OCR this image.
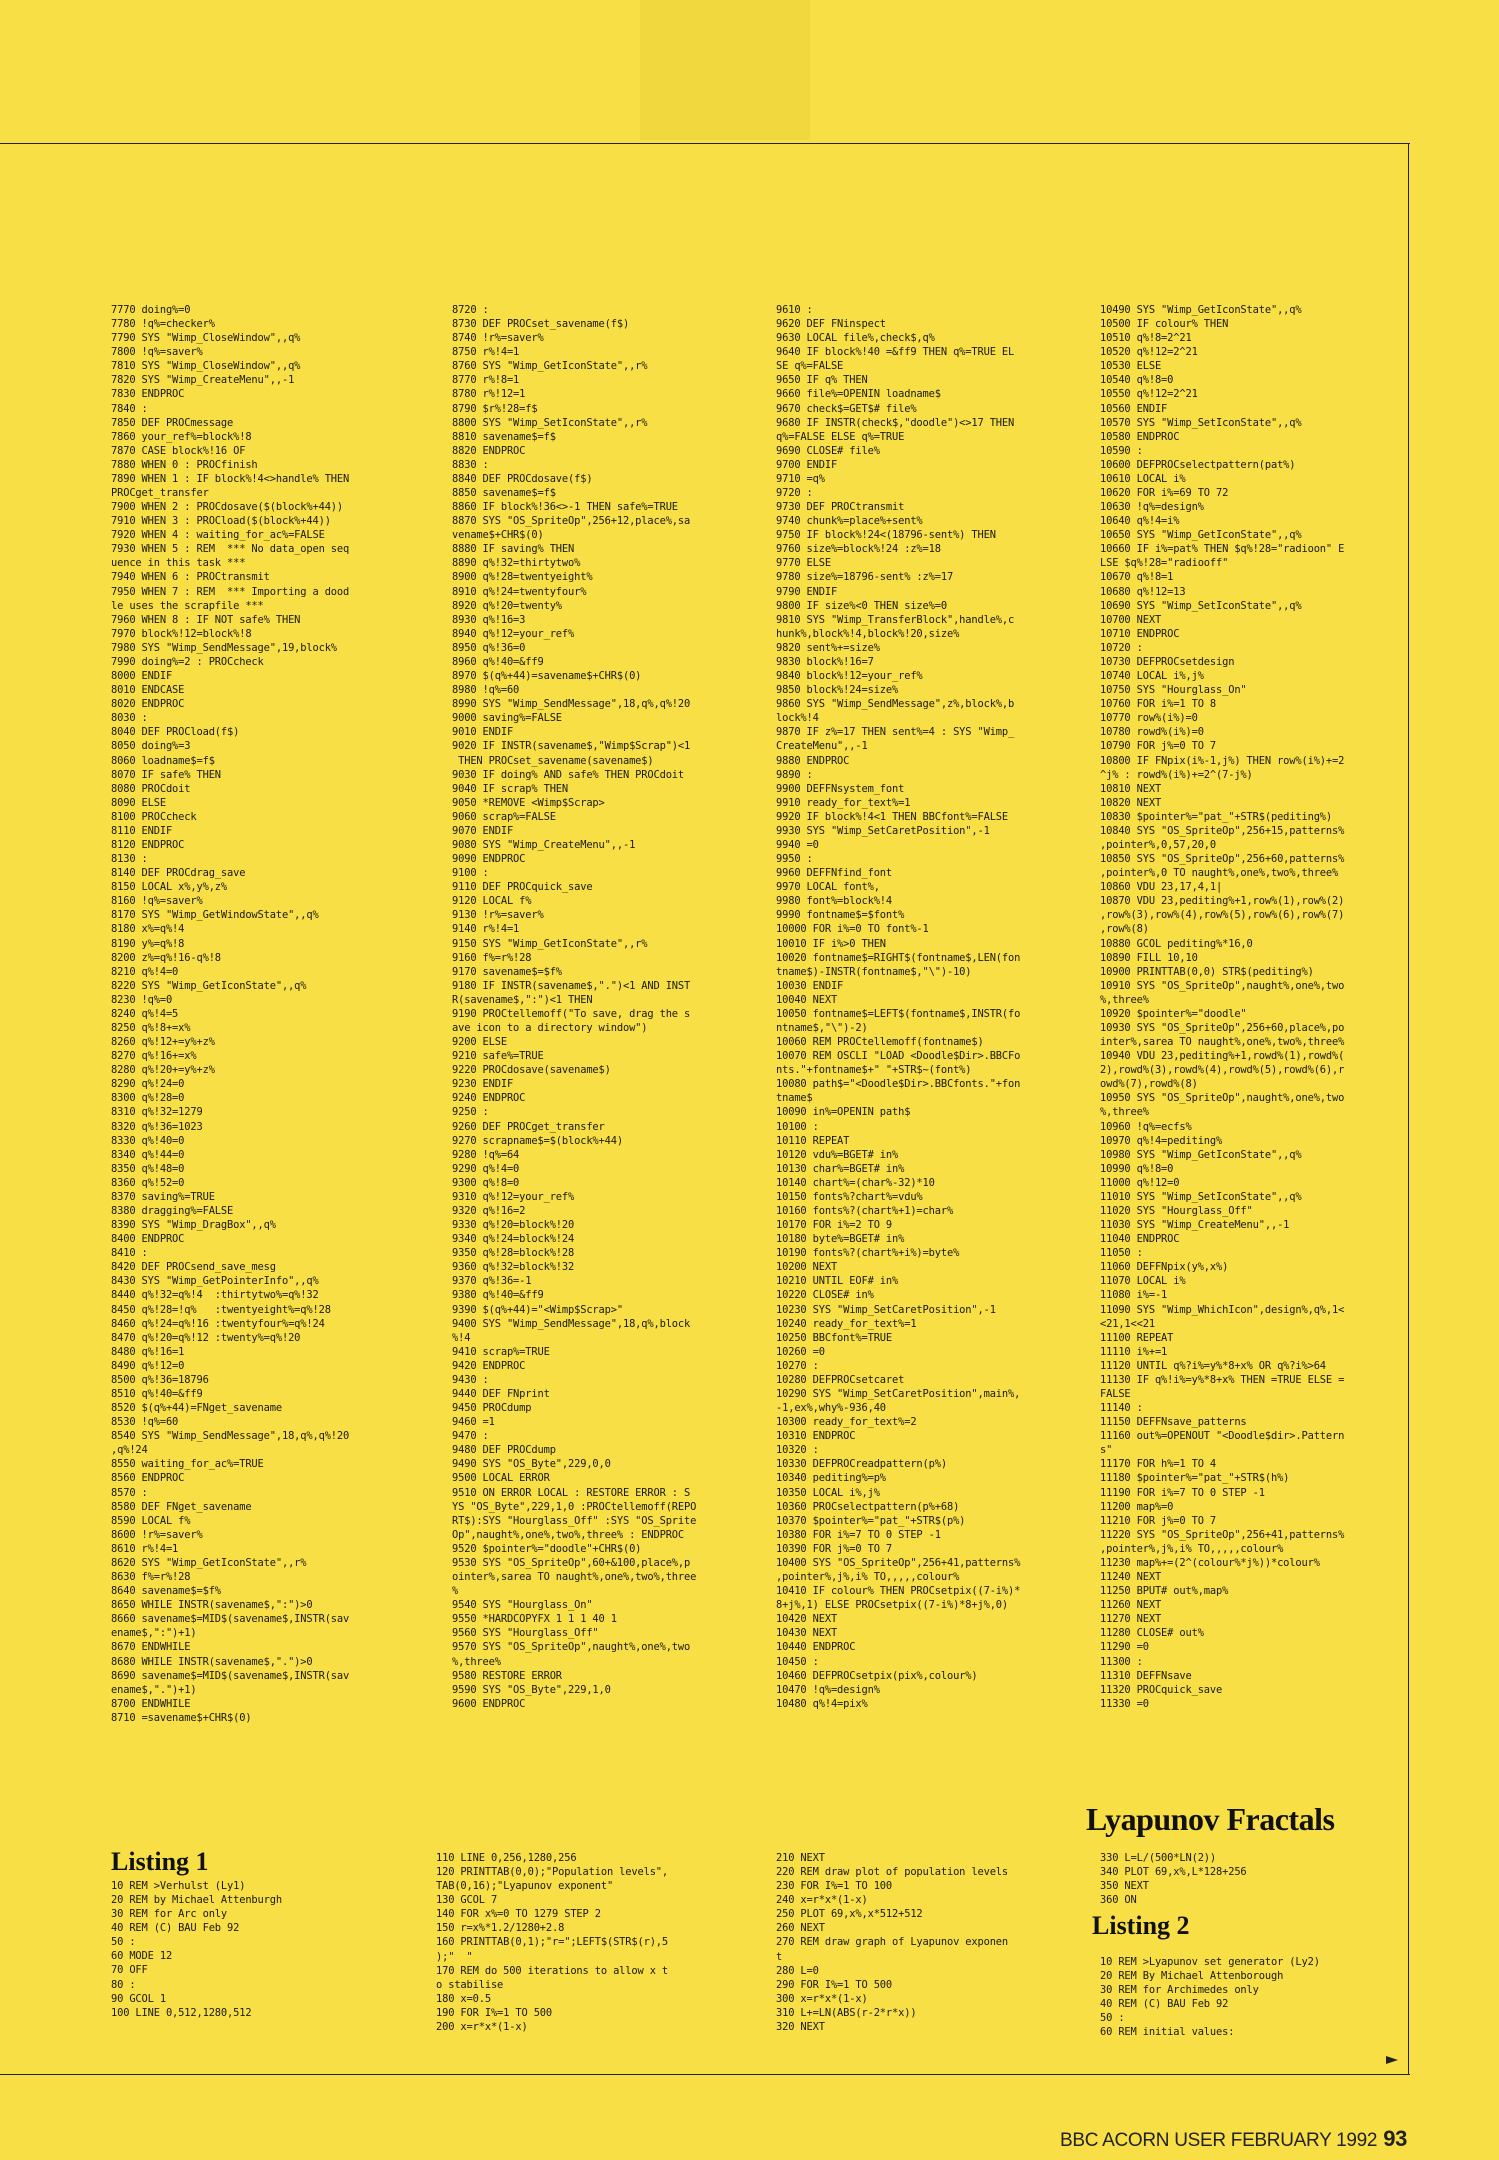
7770 doing%=0
7780 !q%=checker%
7790 SYS "Wimp_CloseWindow",,q%
7800 !q%=saver%
7810 SYS "Wimp_CloseWindow",,q%
7820 SYS "Wimp_CreateMenu",,-1
7830 ENDPROC
7840 :
7850 DEF PROCmessage
7860 your_ref%=block%!8
7870 CASE block%!16 OF
7880 WHEN 0 : PROCfinish
7890 WHEN 1 : IF block%!4<>handle% THEN
PROCget_transfer
7900 WHEN 2 : PROCdosave($(block%+44))
7910 WHEN 3 : PROCload($(block%+44))
7920 WHEN 4 : waiting_for_ac%=FALSE
7930 WHEN 5 : REM  *** No data_open seq
uence in this task ***
7940 WHEN 6 : PROCtransmit
7950 WHEN 7 : REM  *** Importing a dood
le uses the scrapfile ***
7960 WHEN 8 : IF NOT safe% THEN
7970 block%!12=block%!8
7980 SYS "Wimp_SendMessage",19,block%
7990 doing%=2 : PROCcheck
8000 ENDIF
8010 ENDCASE
8020 ENDPROC
8030 :
8040 DEF PROCload(f$)
8050 doing%=3
8060 loadname$=f$
8070 IF safe% THEN
8080 PROCdoit
8090 ELSE
8100 PROCcheck
8110 ENDIF
8120 ENDPROC
8130 :
8140 DEF PROCdrag_save
8150 LOCAL x%,y%,z%
8160 !q%=saver%
8170 SYS "Wimp_GetWindowState",,q%
8180 x%=q%!4
8190 y%=q%!8
8200 z%=q%!16-q%!8
8210 q%!4=0
8220 SYS "Wimp_GetIconState",,q%
8230 !q%=0
8240 q%!4=5
8250 q%!8+=x%
8260 q%!12+=y%+z%
8270 q%!16+=x%
8280 q%!20+=y%+z%
8290 q%!24=0
8300 q%!28=0
8310 q%!32=1279
8320 q%!36=1023
8330 q%!40=0
8340 q%!44=0
8350 q%!48=0
8360 q%!52=0
8370 saving%=TRUE
8380 dragging%=FALSE
8390 SYS "Wimp_DragBox",,q%
8400 ENDPROC
8410 :
8420 DEF PROCsend_save_mesg
8430 SYS "Wimp_GetPointerInfo",,q%
8440 q%!32=q%!4  :thirtytwo%=q%!32
8450 q%!28=!q%   :twentyeight%=q%!28
8460 q%!24=q%!16 :twentyfour%=q%!24
8470 q%!20=q%!12 :twenty%=q%!20
8480 q%!16=1
8490 q%!12=0
8500 q%!36=18796
8510 q%!40=&ff9
8520 $(q%+44)=FNget_savename
8530 !q%=60
8540 SYS "Wimp_SendMessage",18,q%,q%!20
,q%!24
8550 waiting_for_ac%=TRUE
8560 ENDPROC
8570 :
8580 DEF FNget_savename
8590 LOCAL f%
8600 !r%=saver%
8610 r%!4=1
8620 SYS "Wimp_GetIconState",,r%
8630 f%=r%!28
8640 savename$=$f%
8650 WHILE INSTR(savename$,":")>0
8660 savename$=MID$(savename$,INSTR(sav
ename$,":")+1)
8670 ENDWHILE
8680 WHILE INSTR(savename$,".")>0
8690 savename$=MID$(savename$,INSTR(sav
ename$,".")+1)
8700 ENDWHILE
8710 =savename$+CHR$(0)
8720 :
8730 DEF PROCset_savename(f$)
8740 !r%=saver%
8750 r%!4=1
8760 SYS "Wimp_GetIconState",,r%
8770 r%!8=1
8780 r%!12=1
8790 $r%!28=f$
8800 SYS "Wimp_SetIconState",,r%
8810 savename$=f$
8820 ENDPROC
8830 :
8840 DEF PROCdosave(f$)
8850 savename$=f$
8860 IF block%!36<>-1 THEN safe%=TRUE
8870 SYS "OS_SpriteOp",256+12,place%,sa
vename$+CHR$(0)
8880 IF saving% THEN
8890 q%!32=thirtytwo%
8900 q%!28=twentyeight%
8910 q%!24=twentyfour%
8920 q%!20=twenty%
8930 q%!16=3
8940 q%!12=your_ref%
8950 q%!36=0
8960 q%!40=&ff9
8970 $(q%+44)=savename$+CHR$(0)
8980 !q%=60
8990 SYS "Wimp_SendMessage",18,q%,q%!20
9000 saving%=FALSE
9010 ENDIF
9020 IF INSTR(savename$,"Wimp$Scrap")<1
THEN PROCset_savename(savename$)
9030 IF doing% AND safe% THEN PROCdoit
9040 IF scrap% THEN
9050 *REMOVE <Wimp$Scrap>
9060 scrap%=FALSE
9070 ENDIF
9080 SYS "Wimp_CreateMenu",,-1
9090 ENDPROC
9100 :
9110 DEF PROCquick_save
9120 LOCAL f%
9130 !r%=saver%
9140 r%!4=1
9150 SYS "Wimp_GetIconState",,r%
9160 f%=r%!28
9170 savename$=$f%
9180 IF INSTR(savename$,".")<1 AND INST
R(savename$,":")<1 THEN
9190 PROCtellemoff("To save, drag the s
ave icon to a directory window")
9200 ELSE
9210 safe%=TRUE
9220 PROCdosave(savename$)
9230 ENDIF
9240 ENDPROC
9250 :
9260 DEF PROCget_transfer
9270 scrapname$=$(block%+44)
9280 !q%=64
9290 q%!4=0
9300 q%!8=0
9310 q%!12=your_ref%
9320 q%!16=2
9330 q%!20=block%!20
9340 q%!24=block%!24
9350 q%!28=block%!28
9360 q%!32=block%!32
9370 q%!36=-1
9380 q%!40=&ff9
9390 $(q%+44)="<Wimp$Scrap>"
9400 SYS "Wimp_SendMessage",18,q%,block
%!4
9410 scrap%=TRUE
9420 ENDPROC
9430 :
9440 DEF FNprint
9450 PROCdump
9460 =1
9470 :
9480 DEF PROCdump
9490 SYS "OS_Byte",229,0,0
9500 LOCAL ERROR
9510 ON ERROR LOCAL : RESTORE ERROR : S
YS "OS_Byte",229,1,0 :PROCtellemoff(REPO
RT$):SYS "Hourglass_Off" :SYS "OS_Sprite
Op",naught%,one%,two%,three% : ENDPROC
9520 $pointer%="doodle"+CHR$(0)
9530 SYS "OS_SpriteOp",60+&100,place%,p
ointer%,sarea TO naught%,one%,two%,three
%
9540 SYS "Hourglass_On"
9550 *HARDCOPYFX 1 1 1 40 1
9560 SYS "Hourglass_Off"
9570 SYS "OS_SpriteOp",naught%,one%,two
%,three%
9580 RESTORE ERROR
9590 SYS "OS_Byte",229,1,0
9600 ENDPROC
9610 :
9620 DEF FNinspect
9630 LOCAL file%,check$,q%
9640 IF block%!40 =&ff9 THEN q%=TRUE EL
SE q%=FALSE
9650 IF q% THEN
9660 file%=OPENIN loadname$
9670 check$=GET$# file%
9680 IF INSTR(check$,"doodle")<>17 THEN
q%=FALSE ELSE q%=TRUE
9690 CLOSE# file%
9700 ENDIF
9710 =q%
9720 :
9730 DEF PROCtransmit
9740 chunk%=place%+sent%
9750 IF block%!24<(18796-sent%) THEN
9760 size%=block%!24 :z%=18
9770 ELSE
9780 size%=18796-sent% :z%=17
9790 ENDIF
9800 IF size%<0 THEN size%=0
9810 SYS "Wimp_TransferBlock",handle%,c
hunk%,block%!4,block%!20,size%
9820 sent%+=size%
9830 block%!16=7
9840 block%!12=your_ref%
9850 block%!24=size%
9860 SYS "Wimp_SendMessage",z%,block%,b
lock%!4
9870 IF z%=17 THEN sent%=4 : SYS "Wimp_
CreateMenu",,-1
9880 ENDPROC
9890 :
9900 DEFFNsystem_font
9910 ready_for_text%=1
9920 IF block%!4<1 THEN BBCfont%=FALSE
9930 SYS "Wimp_SetCaretPosition",-1
9940 =0
9950 :
9960 DEFFNfind_font
9970 LOCAL font%,
9980 font%=block%!4
9990 fontname$=$font%
10000 FOR i%=0 TO font%-1
10010 IF i%>0 THEN
10020 fontname$=RIGHT$(fontname$,LEN(fon
tname$)-INSTR(fontname$,"\")-10)
10030 ENDIF
10040 NEXT
10050 fontname$=LEFT$(fontname$,INSTR(fo
ntname$,"\")-2)
10060 REM PROCtellemoff(fontname$)
10070 REM OSCLI "LOAD <Doodle$Dir>.BBCFo
nts."+fontname$+" "+STR$~(font%)
10080 path$="<Doodle$Dir>.BBCfonts."+fon
tname$
10090 in%=OPENIN path$
10100 :
10110 REPEAT
10120 vdu%=BGET# in%
10130 char%=BGET# in%
10140 chart%=(char%-32)*10
10150 fonts%?chart%=vdu%
10160 fonts%?(chart%+1)=char%
10170 FOR i%=2 TO 9
10180 byte%=BGET# in%
10190 fonts%?(chart%+i%)=byte%
10200 NEXT
10210 UNTIL EOF# in%
10220 CLOSE# in%
10230 SYS "Wimp_SetCaretPosition",-1
10240 ready_for_text%=1
10250 BBCfont%=TRUE
10260 =0
10270 :
10280 DEFPROCsetcaret
10290 SYS "Wimp_SetCaretPosition",main%,
-1,ex%,why%-936,40
10300 ready_for_text%=2
10310 ENDPROC
10320 :
10330 DEFPROCreadpattern(p%)
10340 pediting%=p%
10350 LOCAL i%,j%
10360 PROCselectpattern(p%+68)
10370 $pointer%="pat_"+STR$(p%)
10380 FOR i%=7 TO 0 STEP -1
10390 FOR j%=0 TO 7
10400 SYS "OS_SpriteOp",256+41,patterns%
,pointer%,j%,i% TO,,,,,colour%
10410 IF colour% THEN PROCsetpix((7-i%)*
8+j%,1) ELSE PROCsetpix((7-i%)*8+j%,0)
10420 NEXT
10430 NEXT
10440 ENDPROC
10450 :
10460 DEFPROCsetpix(pix%,colour%)
10470 !q%=design%
10480 q%!4=pix%
10490 SYS "Wimp_GetIconState",,q%
10500 IF colour% THEN
10510 q%!8=2^21
10520 q%!12=2^21
10530 ELSE
10540 q%!8=0
10550 q%!12=2^21
10560 ENDIF
10570 SYS "Wimp_SetIconState",,q%
10580 ENDPROC
10590 :
10600 DEFPROCselectpattern(pat%)
10610 LOCAL i%
10620 FOR i%=69 TO 72
10630 !q%=design%
10640 q%!4=i%
10650 SYS "Wimp_GetIconState",,q%
10660 IF i%=pat% THEN $q%!28="radioon" E
LSE $q%!28="radiooff"
10670 q%!8=1
10680 q%!12=13
10690 SYS "Wimp_SetIconState",,q%
10700 NEXT
10710 ENDPROC
10720 :
10730 DEFPROCsetdesign
10740 LOCAL i%,j%
10750 SYS "Hourglass_On"
10760 FOR i%=1 TO 8
10770 row%(i%)=0
10780 rowd%(i%)=0
10790 FOR j%=0 TO 7
10800 IF FNpix(i%-1,j%) THEN row%(i%)+=2
^j% : rowd%(i%)+=2^(7-j%)
10810 NEXT
10820 NEXT
10830 $pointer%="pat_"+STR$(pediting%)
10840 SYS "OS_SpriteOp",256+15,patterns%
,pointer%,0,57,20,0
10850 SYS "OS_SpriteOp",256+60,patterns%
,pointer%,0 TO naught%,one%,two%,three%
10860 VDU 23,17,4,1|
10870 VDU 23,pediting%+1,row%(1),row%(2)
,row%(3),row%(4),row%(5),row%(6),row%(7)
,row%(8)
10880 GCOL pediting%*16,0
10890 FILL 10,10
10900 PRINTTAB(0,0) STR$(pediting%)
10910 SYS "OS_SpriteOp",naught%,one%,two
%,three%
10920 $pointer%="doodle"
10930 SYS "OS_SpriteOp",256+60,place%,po
inter%,sarea TO naught%,one%,two%,three%
10940 VDU 23,pediting%+1,rowd%(1),rowd%(
2),rowd%(3),rowd%(4),rowd%(5),rowd%(6),r
owd%(7),rowd%(8)
10950 SYS "OS_SpriteOp",naught%,one%,two
%,three%
10960 !q%=ecfs%
10970 q%!4=pediting%
10980 SYS "Wimp_GetIconState",,q%
10990 q%!8=0
11000 q%!12=0
11010 SYS "Wimp_SetIconState",,q%
11020 SYS "Hourglass_Off"
11030 SYS "Wimp_CreateMenu",,-1
11040 ENDPROC
11050 :
11060 DEFFNpix(y%,x%)
11070 LOCAL i%
11080 i%=-1
11090 SYS "Wimp_WhichIcon",design%,q%,1<
<21,1<<21
11100 REPEAT
11110 i%+=1
11120 UNTIL q%?i%=y%*8+x% OR q%?i%>64
11130 IF q%!i%=y%*8+x% THEN =TRUE ELSE =
FALSE
11140 :
11150 DEFFNsave_patterns
11160 out%=OPENOUT "<Doodle$dir>.Pattern
s"
11170 FOR h%=1 TO 4
11180 $pointer%="pat_"+STR$(h%)
11190 FOR i%=7 TO 0 STEP -1
11200 map%=0
11210 FOR j%=0 TO 7
11220 SYS "OS_SpriteOp",256+41,patterns%
,pointer%,j%,i% TO,,,,,colour%
11230 map%+=(2^(colour%*j%))*colour%
11240 NEXT
11250 BPUT# out%,map%
11260 NEXT
11270 NEXT
11280 CLOSE# out%
11290 =0
11300 :
11310 DEFFNsave
11320 PROCquick_save
11330 =0
Lyapunov Fractals
Listing 1
10 REM >Verhulst (Ly1)
20 REM by Michael Attenburgh
30 REM for Arc only
40 REM (C) BAU Feb 92
50 :
60 MODE 12
70 OFF
80 :
90 GCOL 1
100 LINE 0,512,1280,512
110 LINE 0,256,1280,256
120 PRINTTAB(0,0);"Population levels",
TAB(0,16);"Lyapunov exponent"
130 GCOL 7
140 FOR x%=0 TO 1279 STEP 2
150 r=x%*1.2/1280+2.8
160 PRINTTAB(0,1);"r=";LEFT$(STR$(r),5
);"  "
170 REM do 500 iterations to allow x t
o stabilise
180 x=0.5
190 FOR I%=1 TO 500
200 x=r*x*(1-x)
210 NEXT
220 REM draw plot of population levels
230 FOR I%=1 TO 100
240 x=r*x*(1-x)
250 PLOT 69,x%,x*512+512
260 NEXT
270 REM draw graph of Lyapunov exponen
t
280 L=0
290 FOR I%=1 TO 500
300 x=r*x*(1-x)
310 L+=LN(ABS(r-2*r*x))
320 NEXT
330 L=L/(500*LN(2))
340 PLOT 69,x%,L*128+256
350 NEXT
360 ON
Listing 2
10 REM >Lyapunov set generator (Ly2)
20 REM By Michael Attenborough
30 REM for Archimedes only
40 REM (C) BAU Feb 92
50 :
60 REM initial values:
BBC ACORN USER FEBRUARY 1992 93
